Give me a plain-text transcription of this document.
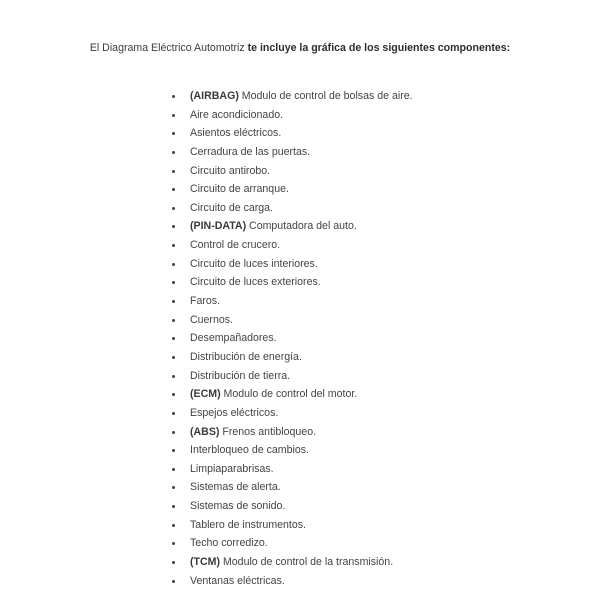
El Diagrama Eléctrico Automotriz te incluye la gráfica de los siguientes componentes:
(AIRBAG) Modulo de control de bolsas de aire.
Aire acondicionado.
Asientos eléctricos.
Cerradura de las puertas.
Circuito antirobo.
Circuito de arranque.
Circuito de carga.
(PIN-DATA) Computadora del auto.
Control de crucero.
Circuito de luces interiores.
Circuito de luces exteriores.
Faros.
Cuernos.
Desempañadores.
Distribución de energía.
Distribución de tierra.
(ECM) Modulo de control del motor.
Espejos eléctricos.
(ABS) Frenos antibloqueo.
Interbloqueo de cambios.
Limpiaparabrisas.
Sistemas de alerta.
Sistemas de sonido.
Tablero de instrumentos.
Techo corredizo.
(TCM) Modulo de control de la transmisión.
Ventanas eléctricas.
